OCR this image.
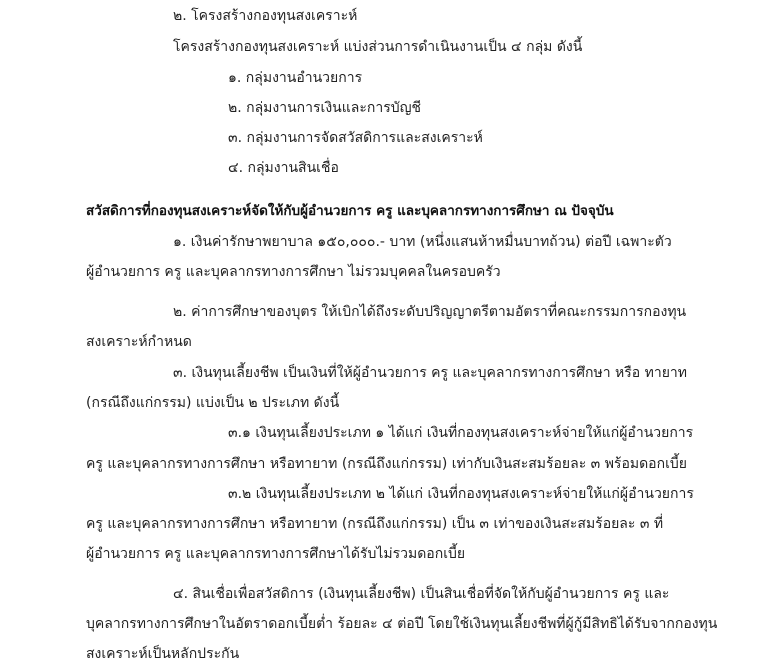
๒. โครงสร้างกองทุนสงเคราะห์
โครงสร้างกองทุนสงเคราะห์ แบ่งส่วนการดำเนินงานเป็น ๔ กลุ่ม ดังนี้
๑. กลุ่มงานอำนวยการ
๒. กลุ่มงานการเงินและการบัญชี
๓. กลุ่มงานการจัดสวัสดิการและสงเคราะห์
๔. กลุ่มงานสินเชื่อ
สวัสดิการที่กองทุนสงเคราะห์จัดให้กับผู้อำนวยการ ครู และบุคลากรทางการศึกษา ณ ปัจจุบัน
๑. เงินค่ารักษาพยาบาล ๑๕๐,๐๐๐.- บาท (หนึ่งแสนห้าหมื่นบาทถ้วน) ต่อปี เฉพาะตัว
ผู้อำนวยการ ครู และบุคลากรทางการศึกษา ไม่รวมบุคคลในครอบครัว
๒. ค่าการศึกษาของบุตร ให้เบิกได้ถึงระดับปริญญาตรีตามอัตราที่คณะกรรมการกองทุน
สงเคราะห์กำหนด
๓. เงินทุนเลี้ยงชีพ เป็นเงินที่ให้ผู้อำนวยการ ครู และบุคลากรทางการศึกษา หรือ ทายาท
(กรณีถึงแก่กรรม) แบ่งเป็น ๒ ประเภท ดังนี้
๓.๑ เงินทุนเลี้ยงประเภท ๑ ได้แก่ เงินที่กองทุนสงเคราะห์จ่ายให้แก่ผู้อำนวยการ
ครู และบุคลากรทางการศึกษา หรือทายาท (กรณีถึงแก่กรรม) เท่ากับเงินสะสมร้อยละ ๓ พร้อมดอกเบี้ย
๓.๒ เงินทุนเลี้ยงประเภท ๒ ได้แก่ เงินที่กองทุนสงเคราะห์จ่ายให้แก่ผู้อำนวยการ
ครู และบุคลากรทางการศึกษา หรือทายาท (กรณีถึงแก่กรรม) เป็น ๓ เท่าของเงินสะสมร้อยละ ๓ ที่
ผู้อำนวยการ ครู และบุคลากรทางการศึกษาได้รับไม่รวมดอกเบี้ย
๔. สินเชื่อเพื่อสวัสดิการ (เงินทุนเลี้ยงชีพ) เป็นสินเชื่อที่จัดให้กับผู้อำนวยการ ครู และ
บุคลากรทางการศึกษาในอัตราดอกเบี้ยต่ำ ร้อยละ ๔ ต่อปี โดยใช้เงินทุนเลี้ยงชีพที่ผู้กู้มีสิทธิได้รับจากกองทุน
สงเคราะห์เป็นหลักประกัน
